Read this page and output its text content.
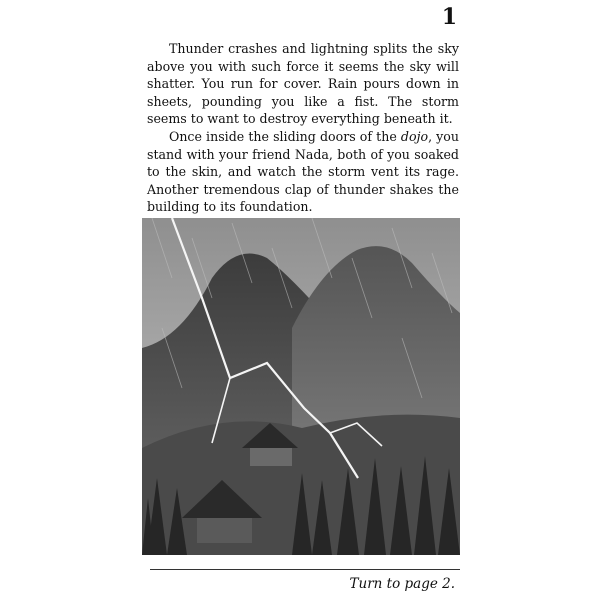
1

Thunder crashes and lightning splits the sky above you with such force it seems the sky will shatter. You run for cover. Rain pours down in sheets, pounding you like a fist. The storm seems to want to destroy everything beneath it.

Once inside the sliding doors of the dojo, you stand with your friend Nada, both of you soaked to the skin, and watch the storm vent its rage. Another tremendous clap of thunder shakes the building to its foundation.

Turn to page 2.
